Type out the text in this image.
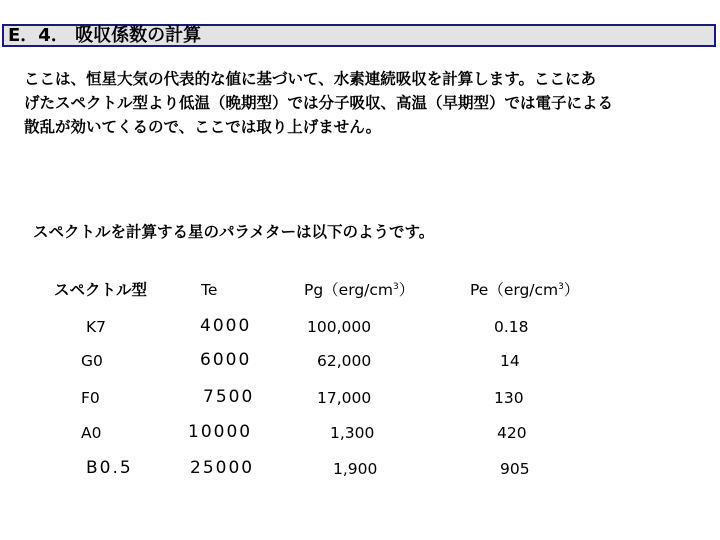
E．4． 吸収係数の計算
ここは、恒星大気の代表的な値に基づいて、水素連続吸収を計算します。ここにあ
げたスペクトル型より低温（晩期型）では分子吸収、高温（早期型）では電子による
散乱が効いてくるので、ここでは取り上げません。
スペクトルを計算する星のパラメターは以下のようです。
スペクトル型	Te	$Pg(erg/cm^3)$	$Pe(erg/cm^3)$
K7	4000	100,000	0.18
G0	6000	62,000	14
F0	7500	17,000	130
A0	10000	1,300	420
B0.5	25000	1,900	905
